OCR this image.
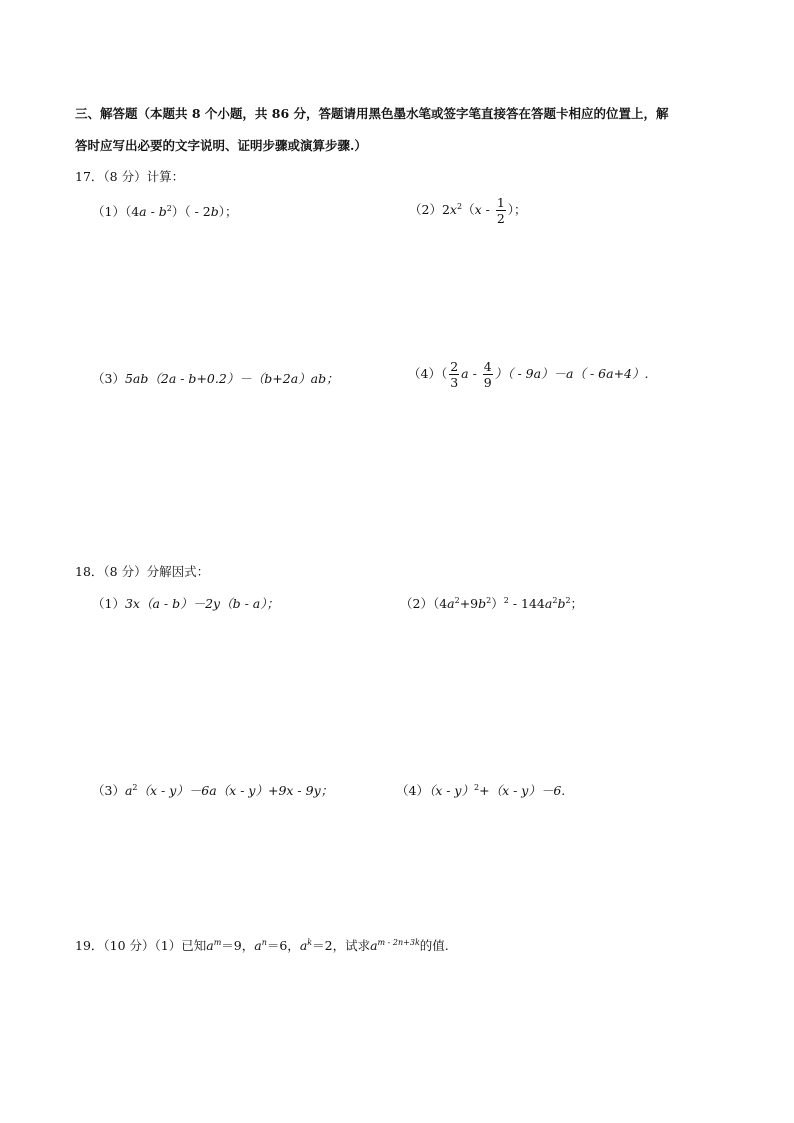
三、解答题（本题共 8 个小题，共 86 分，答题请用黑色墨水笔或签字笔直接答在答题卡相应的位置上，解
答时应写出必要的文字说明、证明步骤或演算步骤.）
17．（8 分）计算：
$(1)(4a - b^2)( - 2b)$；	$(2)2x^2(x - \frac{1}{2}$ ）；
（3）5ab（2a - b+0.2）－（b+2a）ab；	$(4)( \frac{2}{3}$ a - $\frac{4}{9}$ ）（ - 9a）－a（ - 6a+4）.
18．（8 分）分解因式：
（1）3x（a - b）－2y（b - a）；	$(2)(4a^2+9b^2)^2 - 144a^2b^2$；
$(3)a^2(x - y)-6a(x - y)+9x - 9y$；	（4）（x - y）$^2$+（x - y）－6.
19．（10 分）（1）已知$a^m=9$，$a^n=6$，$a^k=2$，试求$a^{m - 2n+3k}$的值.
